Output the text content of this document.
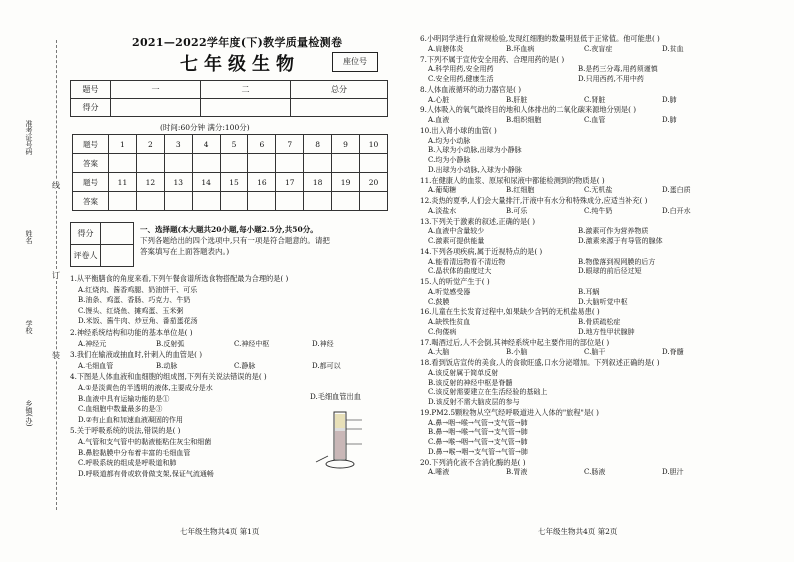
线
订
装
准考证号码
姓名
学校
乡镇(办)
2021—2022学年度(下)教学质量检测卷
七年级生物	座位号
题号	一	二	总分
得分			
(时间:60分钟 满分:100分)
题号	1	2	3	4	5	6	7	8	9	10
答案										
题号	11	12	13	14	15	16	17	18	19	20
答案										
得分	
评卷人	
一、选择题(本大题共20小题,每小题2.5分,共50分。
下列各题给出的四个选项中,只有一项是符合题意的。请把
答案填写在上面答题表内。)
1.从平衡膳食的角度来看,下列午餐食谱所选食物搭配最为合理的是( )
A.红烧肉、酱香鸡腿、奶油饼干、可乐
B.油条、鸡蛋、香肠、巧克力、牛奶
C.馒头、红烧鱼、摊鸡蛋、玉米粥
D.米饭、酱牛肉、炒豆角、番茄蛋花汤
2.神经系统结构和功能的基本单位是( )
A.神经元	B.反射弧	C.神经中枢	D.神经
3.我们在输液或抽血时,针刺入的血管是( )
A.毛细血管	B.动脉	C.静脉	D.都可以
4.下图是人体血液和血细胞的组成图,下列有关说法错误的是( )
A.①是淡黄色的半透明的液体,主要成分是水
B.血液中具有运输功能的是①
C.血细胞中数量最多的是③
D.②有止血和加速血液凝固的作用
5.关于呼吸系统的说法,错误的是( )
A.气管和支气管中的黏液能粘住灰尘和细菌
B.鼻腔黏膜中分布着丰富的毛细血管
C.呼吸系统的组成是呼吸道和肺
D.呼吸道都有骨或软骨做支架,保证气流通畅
D.毛细血管出血
七年级生物共4页 第1页
6.小明同学进行血常规检验,发现红细胞的数量明显低于正常值。他可能患( )
A.肩膀体炎	B.坏血病	C.夜盲症	D.贫血
7.下列不属于宣传安全用药、合理用药的是( )
A.科学用药,安全用药	B.是药三分毒,用药须谨慎
C.安全用药,健康生活	D.只用西药,不用中药
8.人体血液循环的动力器官是( )
A.心脏	B.肝脏	C.肾脏	D.肺
9.人体吸入的氧气最终目的地和人体排出的二氧化碳来源地分别是( )
A.血液	B.组织细胞	C.血管	D.肺
10.出入肾小球的血管( )
A.均为小动脉
B.入球为小动脉,出球为小静脉
C.均为小静脉
D.出球为小动脉,入球为小静脉
11.在健康人的血浆、原尿和尿液中都能检测到的物质是( )
A.葡萄糖	B.红细胞	C.无机盐	D.蛋白质
12.炎热的夏季,人们会大量排汗,汗液中有水分和特殊成分,应适当补充( )
A.淡盐水	B.可乐	C.纯牛奶	D.白开水
13.下列关于激素的叙述,正确的是( )
A.血液中含量较少	B.激素可作为营养物质
C.激素可提供能量	D.激素来源于有导管的腺体
14.下列各项疾病,属于近视特点的是( )
A.能看清远物看不清近物	B.物像落到视网膜的后方
C.晶状体的曲度过大	D.眼球的前后径过短
15.人的听觉产生于( )
A.听觉感受器	B.耳蜗
C.鼓膜	D.大脑听觉中枢
16.儿童在生长发育过程中,如果缺少含钙的无机盐易患( )
A.缺铁性贫血	B.骨质疏松症
C.佝偻病	D.地方性甲状腺肿
17.喝酒过后,人不会倒,其神经系统中起主要作用的部位是( )
A.大脑	B.小脑	C.脑干	D.脊髓
18.看到饭店宣传的美食,人的食欲旺盛,口水分泌增加。下列叙述正确的是( )
A.该反射属于简单反射
B.该反射的神经中枢是脊髓
C.该反射需要建立在生活经验的基础上
D.该反射不需大脑皮层的参与
19.PM2.5颗粒物从空气经呼吸道进入人体的"旅程"是( )
A.鼻→咽→喉→气管→支气管→肺
B.鼻→咽→喉→气管→支气管→肺
C.鼻→喉→咽→气管→支气管→肺
D.鼻→喉→咽→支气管→气管→肺
20.下列消化液不含消化酶的是( )
A.唾液	B.胃液	C.肠液	D.胆汁
七年级生物共4页 第2页
